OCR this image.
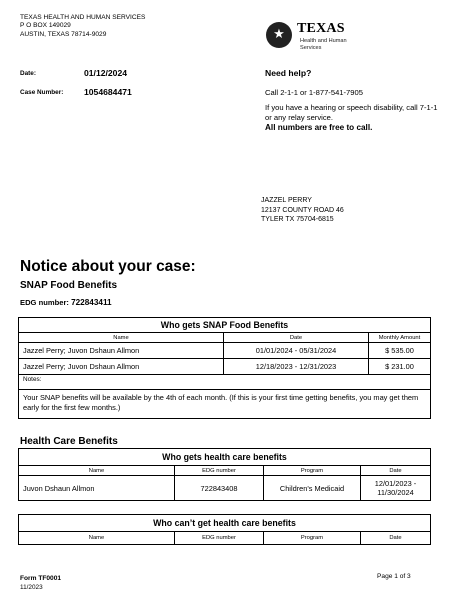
TEXAS HEALTH AND HUMAN SERVICES
P O BOX 149029
AUSTIN, TEXAS 78714-9029 ★	TEXAS
Health and Human
Services
Date:	01/12/2024
Case Number: 1054684471
Need help?
Call 2-1-1 or 1-877-541-7905
If you have a hearing or speech disability, call 7-1-1 or any relay service.
All numbers are free to call.
JAZZEL PERRY
12137 COUNTY ROAD 46
TYLER TX 75704-6815
Notice about your case:
SNAP Food Benefits
EDG number: 722843411
Who gets SNAP Food Benefits		
Name	Date	Monthly Amount
Jazzel Perry; Juvon Dshaun Allmon	01/01/2024 - 05/31/2024	$ 535.00
Jazzel Perry; Juvon Dshaun Allmon	12/18/2023 - 12/31/2023	$ 231.00
Notes:		
Your SNAP benefits will be available by the 4th of each month. (If this is your first time getting benefits, you may get them early for the first few months.)		
Health Care Benefits
Who gets health care benefits			
Name	EDG number	Program	Date
Juvon Dshaun Allmon	722843408	Children's Medicaid	12/01/2023 - 11/30/2024
Who can’t get health care benefits
Name	EDG number	Program	Date
Form TF0001
11/2023
Page 1 of 3
